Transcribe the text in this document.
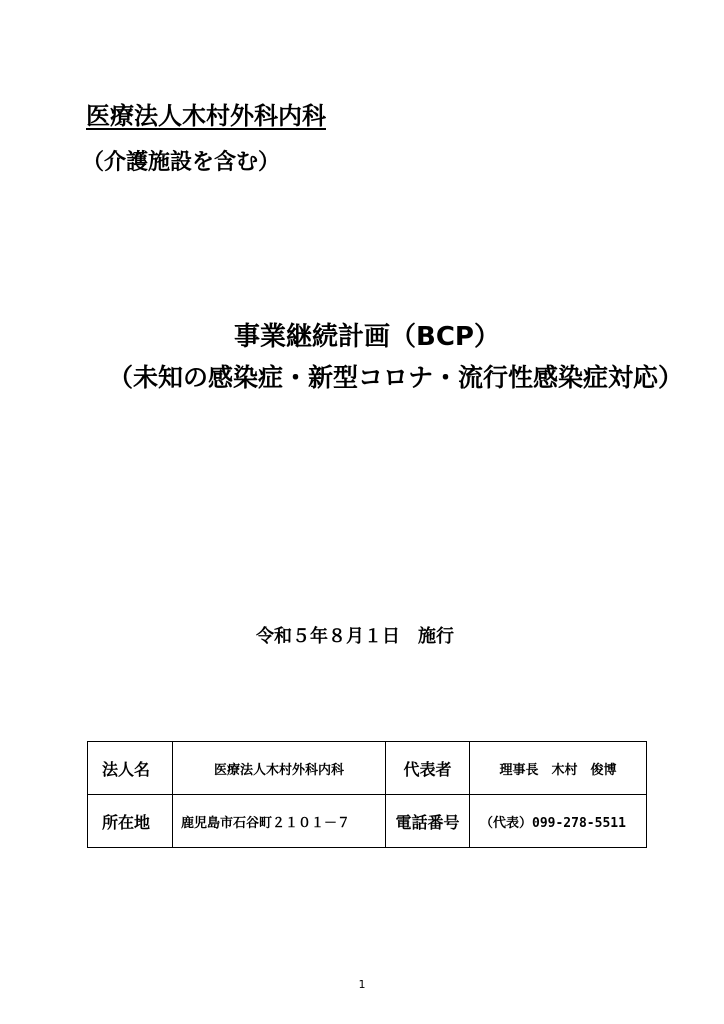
医療法人木村外科内科
（介護施設を含む）
事業継続計画（BCP）
（未知の感染症・新型コロナ・流行性感染症対応）
令和５年８月１日　施行
法人名	医療法人木村外科内科	代表者	理事長　木村　俊博
所在地	鹿児島市石谷町２１０１－７	電話番号	（代表）099-278-5511
1
